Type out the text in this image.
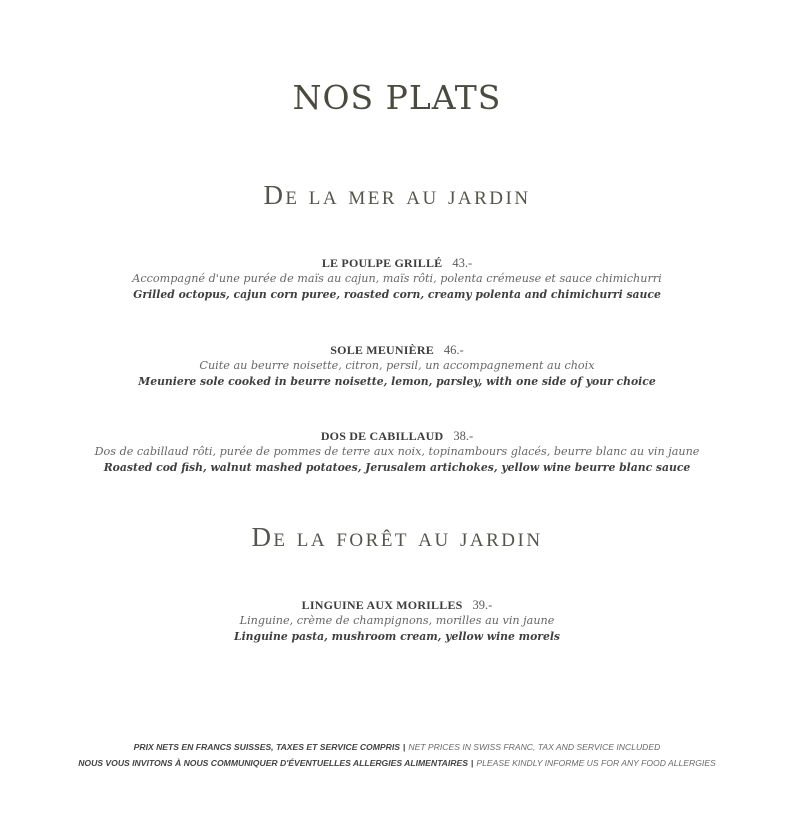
NOS PLATS
De la mer au jardin

LE POULPE GRILLÉ 43.-

Accompagné d'une purée de maïs au cajun, maïs rôti, polenta crémeuse et sauce chimichurri

Grilled octopus, cajun corn puree, roasted corn, creamy polenta and chimichurri sauce

SOLE MEUNIÈRE 46.-

Cuite au beurre noisette, citron, persil, un accompagnement au choix

Meuniere sole cooked in beurre noisette, lemon, parsley, with one side of your choice

DOS DE CABILLAUD 38.-

Dos de cabillaud rôti, purée de pommes de terre aux noix, topinambours glacés, beurre blanc au vin jaune

Roasted cod fish, walnut mashed potatoes, Jerusalem artichokes, yellow wine beurre blanc sauce

De la forêt au jardin

LINGUINE AUX MORILLES 39.-

Linguine, crème de champignons, morilles au vin jaune

Linguine pasta, mushroom cream, yellow wine morels

PRIX NETS EN FRANCS SUISSES, TAXES ET SERVICE COMPRIS | NET PRICES IN SWISS FRANC, TAX AND SERVICE INCLUDED
NOUS VOUS INVITONS À NOUS COMMUNIQUER D'ÉVENTUELLES ALLERGIES ALIMENTAIRES | PLEASE KINDLY INFORME US FOR ANY FOOD ALLERGIES
